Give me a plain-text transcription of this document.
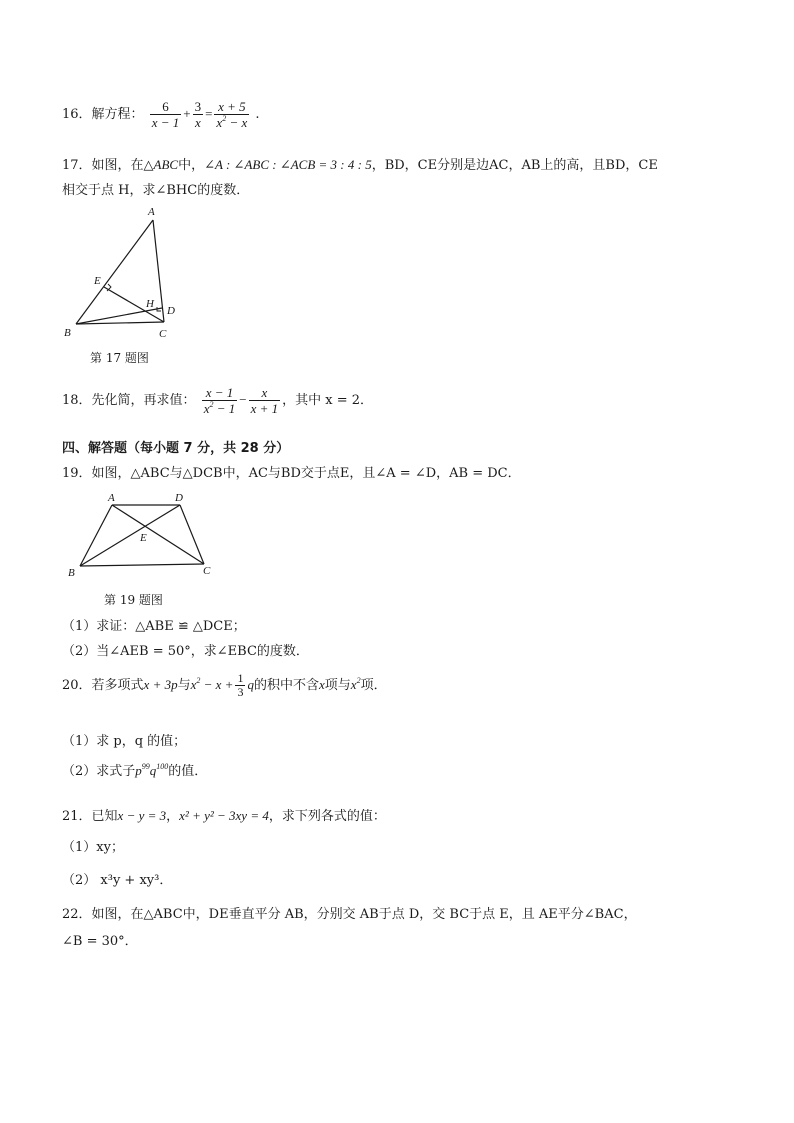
16．解方程： $\frac{6}{x - 1} + \frac{3}{x} = \frac{x + 5}{x^2 - x}$ .
17．如图，在△ABC中，∠A : ∠ABC : ∠ACB = 3 : 4 : 5，BD，CE分别是边AC，AB上的高，且BD，CE
相交于点 H，求∠BHC的度数．
A
B	C
D
E
H
第 17 题图
18．先化简，再求值： $\frac{x - 1}{x^2 - 1} - \frac{x}{x + 1}$ ，其中 x = 2．
四、解答题（每小题 7 分，共 28 分）
19．如图，△ABC与△DCB中，AC与BD交于点E，且∠A = ∠D，AB = DC．
A	D
B	C
E
第 19 题图
（1）求证：△ABE ≌ △DCE；
（2）当∠AEB = 50°，求∠EBC的度数．
20．若多项式x + 3p与$x^2 - x + \frac{1}{3}$ q的积中不含x项与$x^2$项．
（1）求 p，q 的值；
（2）求式子$p^{99}q^{100}$的值．
21．已知x − y = 3，x² + y² − 3xy = 4，求下列各式的值：
（1）xy；
（2） x³y + xy³．
22．如图，在△ABC中，DE垂直平分 AB，分别交 AB于点 D，交 BC于点 E，且 AE平分∠BAC，
∠B = 30°．
